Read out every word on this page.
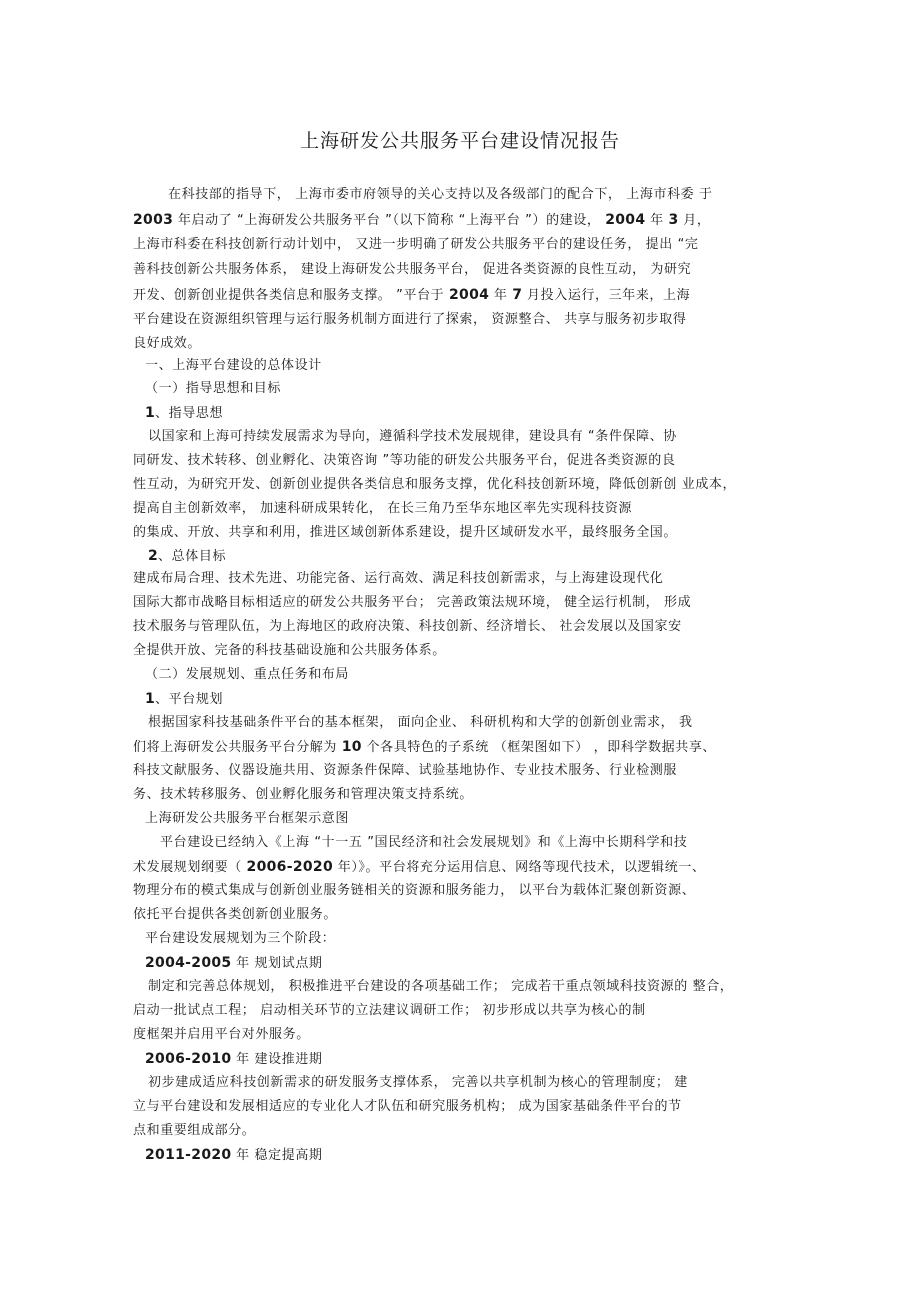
上海研发公共服务平台建设情况报告
在科技部的指导下， 上海市委市府领导的关心支持以及各级部门的配合下， 上海市科委 于
2003 年启动了 “上海研发公共服务平台 ”（以下简称 “上海平台 ”）的建设， 2004 年 3 月，
上海市科委在科技创新行动计划中， 又进一步明确了研发公共服务平台的建设任务， 提出 “完
善科技创新公共服务体系， 建设上海研发公共服务平台， 促进各类资源的良性互动， 为研究
开发、创新创业提供各类信息和服务支撑。 ”平台于 2004 年 7 月投入运行，三年来，上海
平台建设在资源组织管理与运行服务机制方面进行了探索， 资源整合、 共享与服务初步取得
良好成效。
一、上海平台建设的总体设计
（一）指导思想和目标
1、指导思想
以国家和上海可持续发展需求为导向，遵循科学技术发展规律，建设具有 “条件保障、协
同研发、技术转移、创业孵化、决策咨询 ”等功能的研发公共服务平台，促进各类资源的良
性互动，为研究开发、创新创业提供各类信息和服务支撑，优化科技创新环境，降低创新创 业成本，
提高自主创新效率， 加速科研成果转化， 在长三角乃至华东地区率先实现科技资源
的集成、开放、共享和利用，推进区域创新体系建设，提升区域研发水平，最终服务全国。
2、总体目标
建成布局合理、技术先进、功能完备、运行高效、满足科技创新需求，与上海建设现代化
国际大都市战略目标相适应的研发公共服务平台； 完善政策法规环境， 健全运行机制， 形成
技术服务与管理队伍，为上海地区的政府决策、科技创新、经济增长、 社会发展以及国家安
全提供开放、完备的科技基础设施和公共服务体系。
（二）发展规划、重点任务和布局
1、平台规划
根据国家科技基础条件平台的基本框架， 面向企业、 科研机构和大学的创新创业需求， 我
们将上海研发公共服务平台分解为 10 个各具特色的子系统 （框架图如下） ，即科学数据共享、
科技文献服务、仪器设施共用、资源条件保障、试验基地协作、专业技术服务、行业检测服
务、技术转移服务、创业孵化服务和管理决策支持系统。
上海研发公共服务平台框架示意图
平台建设已经纳入《上海 “十一五 ”国民经济和社会发展规划》和《上海中长期科学和技
术发展规划纲要（ 2006-2020 年）》。平台将充分运用信息、网络等现代技术，以逻辑统一、
物理分布的模式集成与创新创业服务链相关的资源和服务能力， 以平台为载体汇聚创新资源、
依托平台提供各类创新创业服务。
平台建设发展规划为三个阶段：
2004-2005 年 规划试点期
制定和完善总体规划， 积极推进平台建设的各项基础工作； 完成若干重点领域科技资源的 整合，
启动一批试点工程； 启动相关环节的立法建议调研工作； 初步形成以共享为核心的制
度框架并启用平台对外服务。
2006-2010 年 建设推进期
初步建成适应科技创新需求的研发服务支撑体系， 完善以共享机制为核心的管理制度； 建
立与平台建设和发展相适应的专业化人才队伍和研究服务机构； 成为国家基础条件平台的节
点和重要组成部分。
2011-2020 年 稳定提高期
